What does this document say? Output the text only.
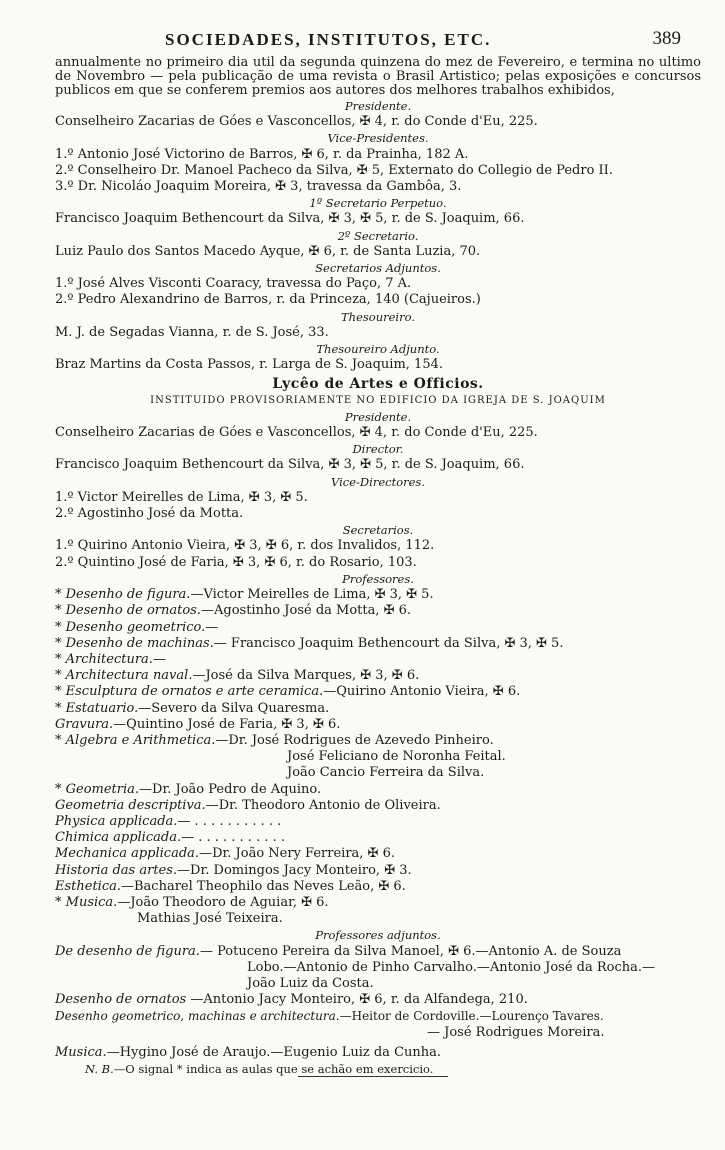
SOCIEDADES, INSTITUTOS, ETC.	389
annualmente no primeiro dia util da segunda quinzena do mez de Fevereiro, e termina no ultimo de Novembro — pela publicação de uma revista o Brasil Artistico; pelas exposições e concursos publicos em que se conferem premios aos autores dos melhores trabalhos exhibidos,
Presidente.
Conselheiro Zacarias de Góes e Vasconcellos, ✠ 4, r. do Conde d'Eu, 225.
Vice-Presidentes.
1.º Antonio José Victorino de Barros, ✠ 6, r. da Prainha, 182 A.
2.º Conselheiro Dr. Manoel Pacheco da Silva, ✠ 5, Externato do Collegio de Pedro II.
3.º Dr. Nicoláo Joaquim Moreira, ✠ 3, travessa da Gambôa, 3.
1º Secretario Perpetuo.
Francisco Joaquim Bethencourt da Silva, ✠ 3, ✠ 5, r. de S. Joaquim, 66.
2º Secretario.
Luiz Paulo dos Santos Macedo Ayque, ✠ 6, r. de Santa Luzia, 70.
Secretarios Adjuntos.
1.º José Alves Visconti Coaracy, travessa do Paço, 7 A.
2.º Pedro Alexandrino de Barros, r. da Princeza, 140 (Cajueiros.)
Thesoureiro.
M. J. de Segadas Vianna, r. de S. José, 33.
Thesoureiro Adjunto.
Braz Martins da Costa Passos, r. Larga de S. Joaquim, 154.
Lycêo de Artes e Officios.
INSTITUIDO PROVISORIAMENTE NO EDIFICIO DA IGREJA DE S. JOAQUIM
Presidente.
Conselheiro Zacarias de Góes e Vasconcellos, ✠ 4, r. do Conde d'Eu, 225.
Director.
Francisco Joaquim Bethencourt da Silva, ✠ 3, ✠ 5, r. de S. Joaquim, 66.
Vice-Directores.
1.º Victor Meirelles de Lima, ✠ 3, ✠ 5.
2.º Agostinho José da Motta.
Secretarios.
1.º Quirino Antonio Vieira, ✠ 3, ✠ 6, r. dos Invalidos, 112.
2.º Quintino José de Faria, ✠ 3, ✠ 6, r. do Rosario, 103.
Professores.
* Desenho de figura.—Victor Meirelles de Lima, ✠ 3, ✠ 5.
* Desenho de ornatos.—Agostinho José da Motta, ✠ 6.
* Desenho geometrico.—
* Desenho de machinas.— Francisco Joaquim Bethencourt da Silva, ✠ 3, ✠ 5.
* Architectura.—
* Architectura naval.—José da Silva Marques, ✠ 3, ✠ 6.
* Esculptura de ornatos e arte ceramica.—Quirino Antonio Vieira, ✠ 6.
* Estatuario.—Severo da Silva Quaresma.
Gravura.—Quintino José de Faria, ✠ 3, ✠ 6.
* Algebra e Arithmetica.—Dr. José Rodrigues de Azevedo Pinheiro.
José Feliciano de Noronha Feital.
João Cancio Ferreira da Silva.
* Geometria.—Dr. João Pedro de Aquino.
Geometria descriptiva.—Dr. Theodoro Antonio de Oliveira.
Physica applicada.— . . . . . . . . . . .
Chimica applicada.— . . . . . . . . . . .
Mechanica applicada.—Dr. João Nery Ferreira, ✠ 6.
Historia das artes.—Dr. Domingos Jacy Monteiro, ✠ 3.
Esthetica.—Bacharel Theophilo das Neves Leão, ✠ 6.
* Musica.—João Theodoro de Aguiar, ✠ 6.
Mathias José Teixeira.
Professores adjuntos.
De desenho de figura.— Potuceno Pereira da Silva Manoel, ✠ 6.—Antonio A. de Souza
Lobo.—Antonio de Pinho Carvalho.—Antonio José da Rocha.—
João Luiz da Costa.
Desenho de ornatos —Antonio Jacy Monteiro, ✠ 6, r. da Alfandega, 210.
Desenho geometrico, machinas e architectura.—Heitor de Cordoville.—Lourenço Tavares.
— José Rodrigues Moreira.
Musica.—Hygino José de Araujo.—Eugenio Luiz da Cunha.
N. B.—O signal * indica as aulas que se achão em exercicio.
